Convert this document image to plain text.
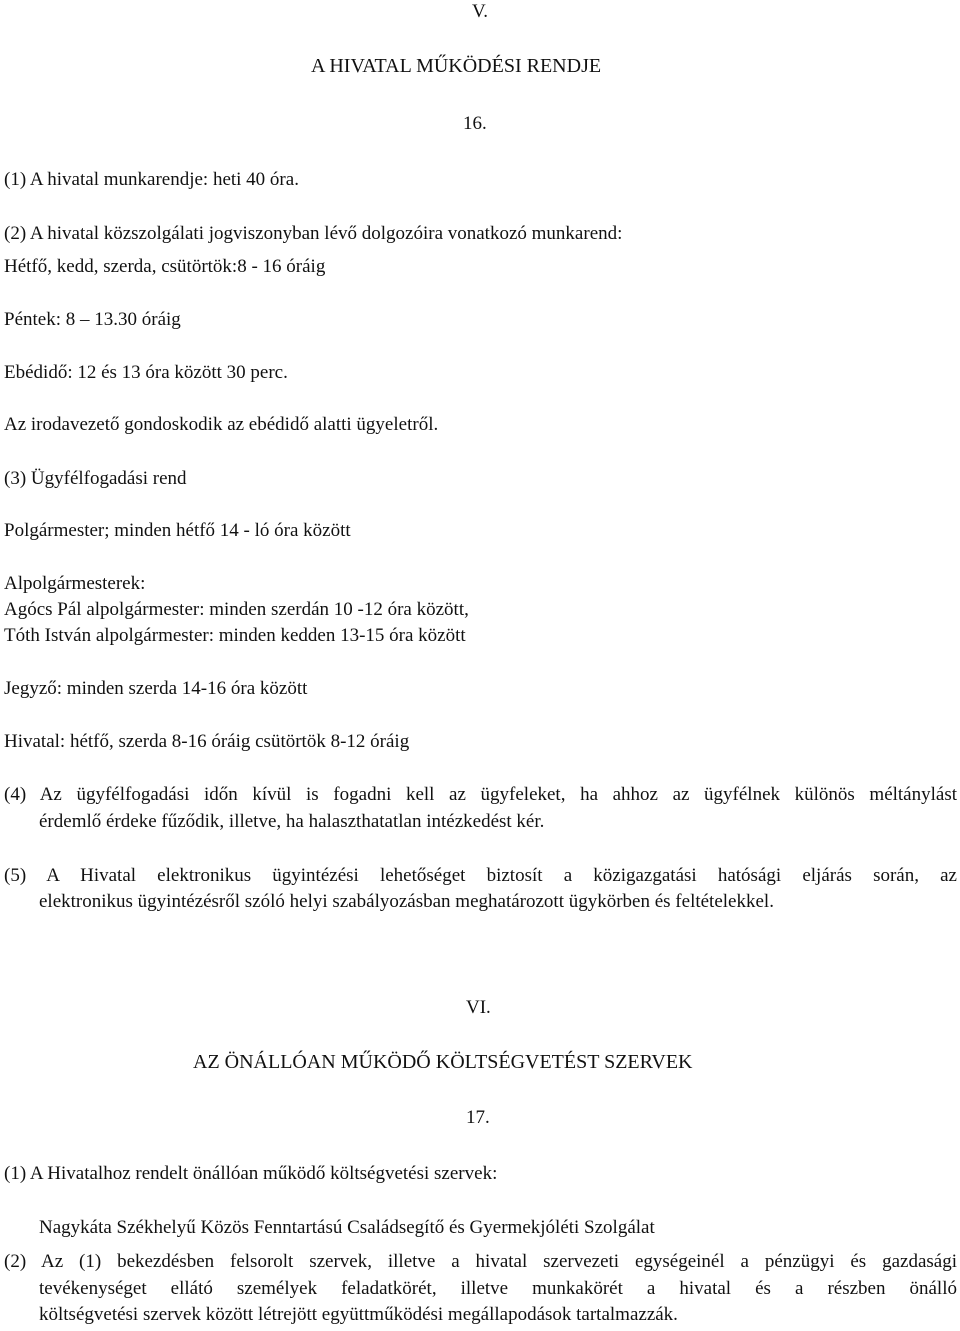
V.
A HIVATAL MŰKÖDÉSI RENDJE
16.
(1) A hivatal munkarendje: heti 40 óra.
(2) A hivatal közszolgálati jogviszonyban lévő dolgozóira vonatkozó munkarend:
Hétfő, kedd, szerda, csütörtök:8 - 16 óráig
Péntek: 8 – 13.30 óráig
Ebédidő: 12 és 13 óra között 30 perc.
Az irodavezető gondoskodik az ebédidő alatti ügyeletről.
(3) Ügyfélfogadási rend
Polgármester; minden hétfő 14 - ló óra között
Alpolgármesterek:
Agócs Pál alpolgármester: minden szerdán 10 -12 óra között,
Tóth István alpolgármester: minden kedden 13-15 óra között
Jegyző: minden szerda 14-16 óra között
Hivatal: hétfő, szerda 8-16 óráig csütörtök 8-12 óráig
(4) Az ügyfélfogadási időn kívül is fogadni kell az ügyfeleket, ha ahhoz az ügyfélnek különös méltánylást
érdemlő érdeke fűződik, illetve, ha halaszthatatlan intézkedést kér.
(5) A Hivatal elektronikus ügyintézési lehetőséget biztosít a közigazgatási hatósági eljárás során, az
elektronikus ügyintézésről szóló helyi szabályozásban meghatározott ügykörben és feltételekkel.
VI.
AZ ÖNÁLLÓAN MŰKÖDŐ KÖLTSÉGVETÉST SZERVEK
17.
(1) A Hivatalhoz rendelt önállóan működő költségvetési szervek:
Nagykáta Székhelyű Közös Fenntartású Családsegítő és Gyermekjóléti Szolgálat
(2) Az (1) bekezdésben felsorolt szervek, illetve a hivatal szervezeti egységeinél a pénzügyi és gazdasági
tevékenységet ellátó személyek feladatkörét, illetve munkakörét a hivatal és a részben önálló
költségvetési szervek között létrejött együttműködési megállapodások tartalmazzák.
